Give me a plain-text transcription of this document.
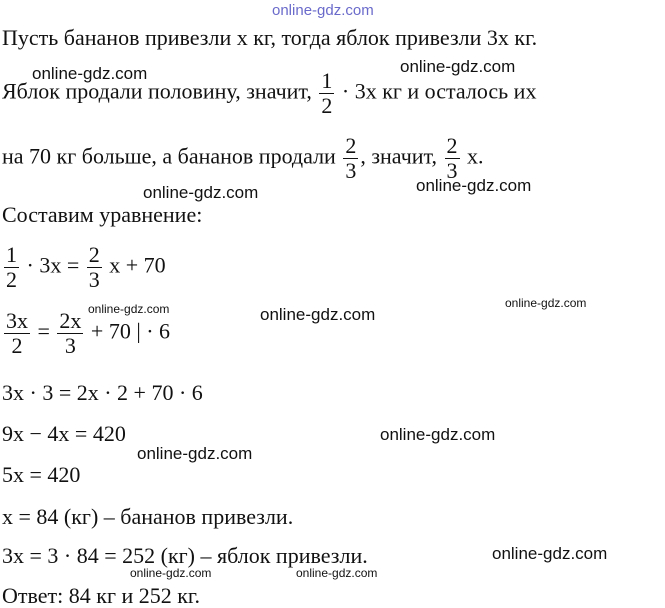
online-gdz.com
Пусть бананов привезли x кг, тогда яблок привезли 3x кг.
Яблок продали половину, значит, $\frac{1}{2} \cdot 3x$ кг и осталось их
на 70 кг больше, а бананов продали $\frac{2}{3}$ , значит, $\frac{2}{3} x$.
Составим уравнение:
$\frac{1}{2} \cdot 3x = \frac{2}{3}$ x + 70
$\frac{3x}{2} = \frac{2x}{3} + 70$ | · 6
3x · 3 = 2x · 2 + 70 · 6
9x − 4x = 420
5x = 420
x = 84 (кг) – бананов привезли.
3x = 3 · 84 = 252 (кг) – яблок привезли.
Ответ: 84 кг и 252 кг.
online-gdz.com	online-gdz.com
online-gdz.com	online-gdz.com
online-gdz.com	online-gdz.com
online-gdz.com
online-gdz.com
online-gdz.com
online-gdz.com
online-gdz.com	online-gdz.com
